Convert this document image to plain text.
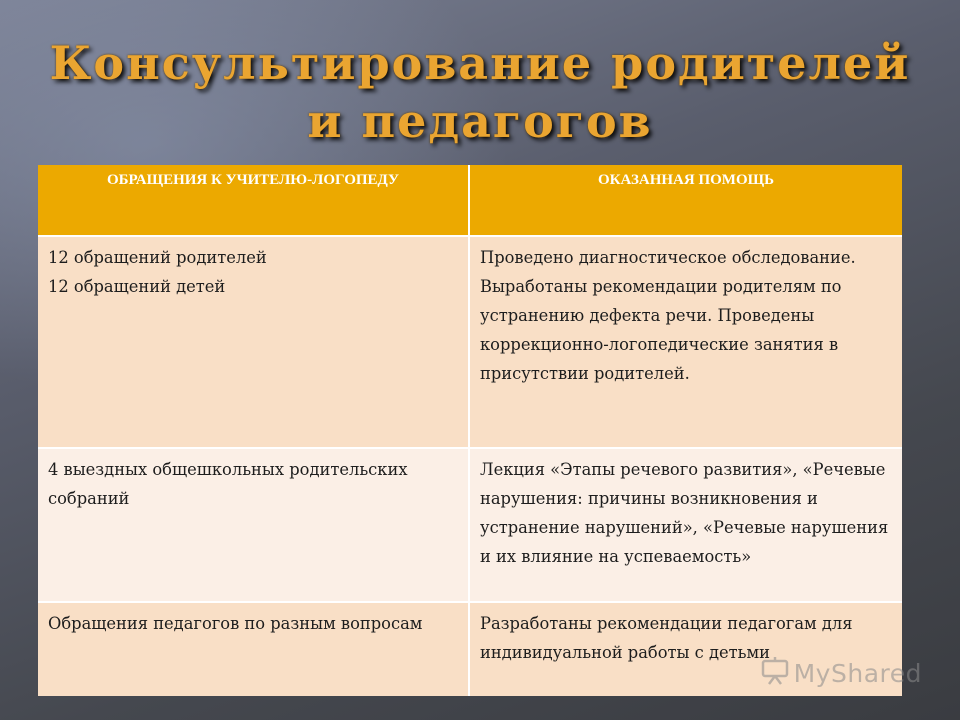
Консультирование родителей и педагогов
ОБРАЩЕНИЯ К УЧИТЕЛЮ-ЛОГОПЕДУ	ОКАЗАННАЯ ПОМОЩЬ

12 обращений родителей
12 обращений детей	Проведено диагностическое обследование. Выработаны рекомендации родителям по устранению дефекта речи. Проведены коррекционно-логопедические занятия в присутствии родителей.
4 выездных общешкольных родительских собраний	Лекция «Этапы речевого развития», «Речевые нарушения: причины возникновения и устранение нарушений», «Речевые нарушения и их влияние на успеваемость»
Обращения педагогов по разным вопросам	Разработаны рекомендации педагогам для индивидуальной работы с детьми
MyShared
